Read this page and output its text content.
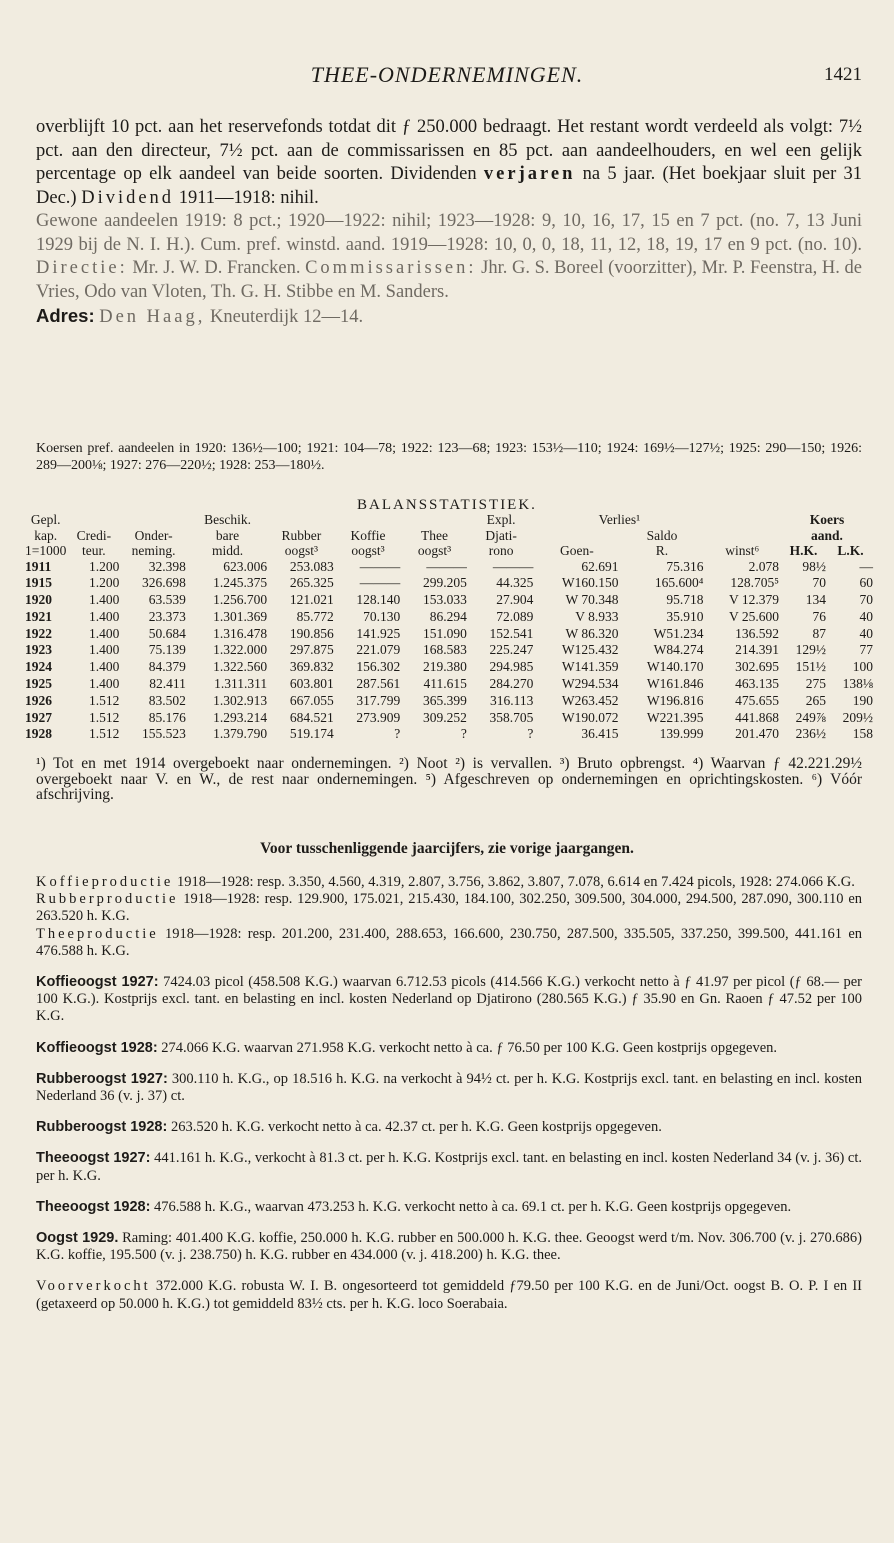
THEE-ONDERNEMINGEN.	1421

overblijft 10 pct. aan het reservefonds totdat dit ƒ 250.000 bedraagt. Het restant wordt verdeeld als volgt: 7½ pct. aan den directeur, 7½ pct. aan de commissarissen en 85 pct. aan aandeelhouders, en wel een gelijk percentage op elk aandeel van beide soorten. Dividenden verjaren na 5 jaar. (Het boekjaar sluit per 31 Dec.) Dividend 1911—1918: nihil.

Gewone aandeelen 1919: 8 pct.; 1920—1922: nihil; 1923—1928: 9, 10, 16, 17, 15 en 7 pct. (no. 7, 13 Juni 1929 bij de N. I. H.). Cum. pref. winstd. aand. 1919—1928: 10, 0, 0, 18, 11, 12, 18, 19, 17 en 9 pct. (no. 10). Directie: Mr. J. W. D. Francken. Commissarissen: Jhr. G. S. Boreel (voorzitter), Mr. P. Feenstra, H. de Vries, Odo van Vloten, Th. G. H. Stibbe en M. Sanders.

Adres: Den Haag, Kneuterdijk 12—14.

Koersen pref. aandeelen in 1920: 136½—100; 1921: 104—78; 1922: 123—68; 1923: 153½—110; 1924: 169½—127½; 1925: 290—150; 1926: 289—200⅛; 1927: 276—220½; 1928: 253—180½.

BALANSSTATISTIEK.
Gepl.			Beschik.				Expl.	Verlies¹			Koers	
kap.	Credi-	Onder-	bare	Rubber	Koffie	Thee	Djati-		Saldo		aand.	
1=1000	teur.	neming.	midd.	oogst³	oogst³	oogst³	rono	Goen-	R.	winst⁶	H.K.	L.K.
1911	1.200	32.398	623.006	253.083	———	———	———	62.691	75.316	2.078	98½	—
1915	1.200	326.698	1.245.375	265.325	———	299.205	44.325	W160.150	165.600⁴	128.705⁵	70	60
1920	1.400	63.539	1.256.700	121.021	128.140	153.033	27.904	W 70.348	95.718	V 12.379	134	70
1921	1.400	23.373	1.301.369	85.772	70.130	86.294	72.089	V 8.933	35.910	V 25.600	76	40
1922	1.400	50.684	1.316.478	190.856	141.925	151.090	152.541	W 86.320	W51.234	136.592	87	40
1923	1.400	75.139	1.322.000	297.875	221.079	168.583	225.247	W125.432	W84.274	214.391	129½	77
1924	1.400	84.379	1.322.560	369.832	156.302	219.380	294.985	W141.359	W140.170	302.695	151½	100
1925	1.400	82.411	1.311.311	603.801	287.561	411.615	284.270	W294.534	W161.846	463.135	275	138⅛
1926	1.512	83.502	1.302.913	667.055	317.799	365.399	316.113	W263.452	W196.816	475.655	265	190
1927	1.512	85.176	1.293.214	684.521	273.909	309.252	358.705	W190.072	W221.395	441.868	249⅞	209½
1928	1.512	155.523	1.379.790	519.174	?	?	?	36.415	139.999	201.470	236½	158

¹) Tot en met 1914 overgeboekt naar ondernemingen. ²) Noot ²) is vervallen. ³) Bruto opbrengst. ⁴) Waarvan ƒ 42.221.29½ overgeboekt naar V. en W., de rest naar ondernemingen. ⁵) Afgeschreven op ondernemingen en oprichtingskosten. ⁶) Vóór afschrijving.

Voor tusschenliggende jaarcijfers, zie vorige jaargangen.

Koffieproductie 1918—1928: resp. 3.350, 4.560, 4.319, 2.807, 3.756, 3.862, 3.807, 7.078, 6.614 en 7.424 picols, 1928: 274.066 K.G.

Rubberproductie 1918—1928: resp. 129.900, 175.021, 215.430, 184.100, 302.250, 309.500, 304.000, 294.500, 287.090, 300.110 en 263.520 h. K.G.

Theeproductie 1918—1928: resp. 201.200, 231.400, 288.653, 166.600, 230.750, 287.500, 335.505, 337.250, 399.500, 441.161 en 476.588 h. K.G.

Koffieoogst 1927: 7424.03 picol (458.508 K.G.) waarvan 6.712.53 picols (414.566 K.G.) verkocht netto à ƒ 41.97 per picol (ƒ 68.— per 100 K.G.). Kostprijs excl. tant. en belasting en incl. kosten Nederland op Djatirono (280.565 K.G.) ƒ 35.90 en Gn. Raoen ƒ 47.52 per 100 K.G.

Koffieoogst 1928: 274.066 K.G. waarvan 271.958 K.G. verkocht netto à ca. ƒ 76.50 per 100 K.G. Geen kostprijs opgegeven.

Rubberoogst 1927: 300.110 h. K.G., op 18.516 h. K.G. na verkocht à 94½ ct. per h. K.G. Kostprijs excl. tant. en belasting en incl. kosten Nederland 36 (v. j. 37) ct.

Rubberoogst 1928: 263.520 h. K.G. verkocht netto à ca. 42.37 ct. per h. K.G. Geen kostprijs opgegeven.

Theeoogst 1927: 441.161 h. K.G., verkocht à 81.3 ct. per h. K.G. Kostprijs excl. tant. en belasting en incl. kosten Nederland 34 (v. j. 36) ct. per h. K.G.

Theeoogst 1928: 476.588 h. K.G., waarvan 473.253 h. K.G. verkocht netto à ca. 69.1 ct. per h. K.G. Geen kostprijs opgegeven.

Oogst 1929. Raming: 401.400 K.G. koffie, 250.000 h. K.G. rubber en 500.000 h. K.G. thee. Geoogst werd t/m. Nov. 306.700 (v. j. 270.686) K.G. koffie, 195.500 (v. j. 238.750) h. K.G. rubber en 434.000 (v. j. 418.200) h. K.G. thee.

Voorverkocht 372.000 K.G. robusta W. I. B. ongesorteerd tot gemiddeld ƒ79.50 per 100 K.G. en de Juni/Oct. oogst B. O. P. I en II (getaxeerd op 50.000 h. K.G.) tot gemiddeld 83½ cts. per h. K.G. loco Soerabaia.
